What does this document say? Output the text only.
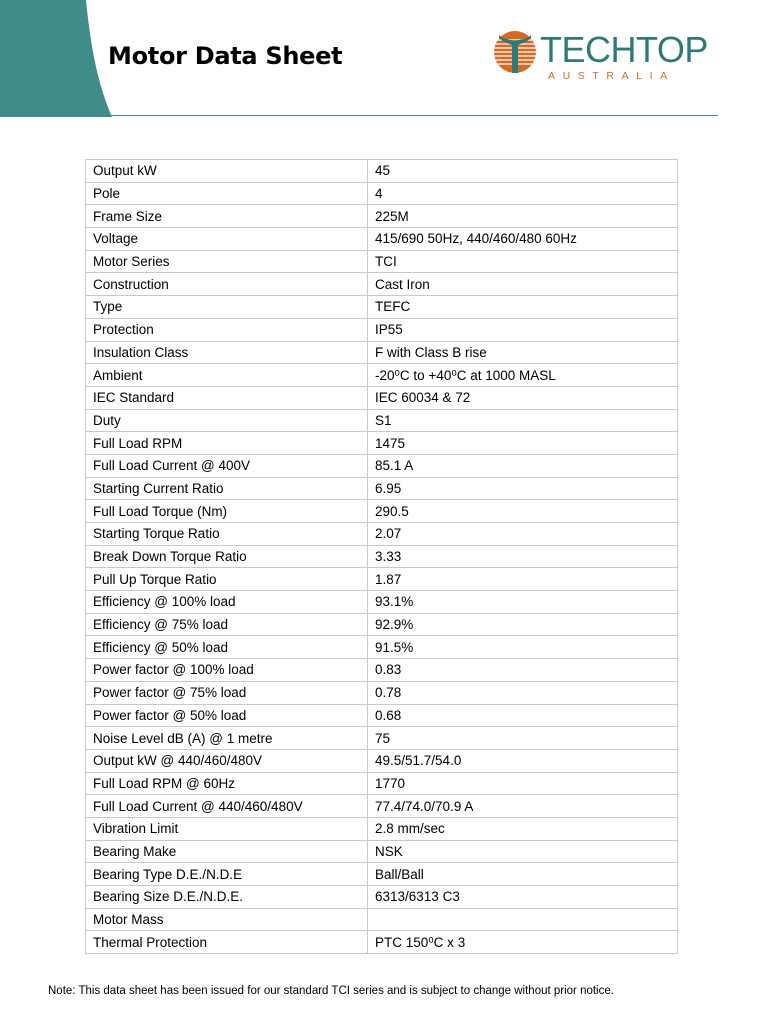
Motor Data Sheet	TECHTOP
AUSTRALIA
Output kW	45
Pole	4
Frame Size	225M
Voltage	415/690 50Hz, 440/460/480 60Hz
Motor Series	TCI
Construction	Cast Iron
Type	TEFC
Protection	IP55
Insulation Class	F with Class B rise
Ambient	-20⁰C to +40⁰C at 1000 MASL
IEC Standard	IEC 60034 & 72
Duty	S1
Full Load RPM	1475
Full Load Current @ 400V	85.1 A
Starting Current Ratio	6.95
Full Load Torque (Nm)	290.5
Starting Torque Ratio	2.07
Break Down Torque Ratio	3.33
Pull Up Torque Ratio	1.87
Efficiency @ 100% load	93.1%
Efficiency @ 75% load	92.9%
Efficiency @ 50% load	91.5%
Power factor @ 100% load	0.83
Power factor @ 75% load	0.78
Power factor @ 50% load	0.68
Noise Level dB (A) @ 1 metre	75
Output kW @ 440/460/480V	49.5/51.7/54.0
Full Load RPM @ 60Hz	1770
Full Load Current @ 440/460/480V	77.4/74.0/70.9 A
Vibration Limit	2.8 mm/sec
Bearing Make	NSK
Bearing Type D.E./N.D.E	Ball/Ball
Bearing Size D.E./N.D.E.	6313/6313 C3
Motor Mass	
Thermal Protection	PTC 150⁰C x 3

Note: This data sheet has been issued for our standard TCI series and is subject to change without prior notice.
